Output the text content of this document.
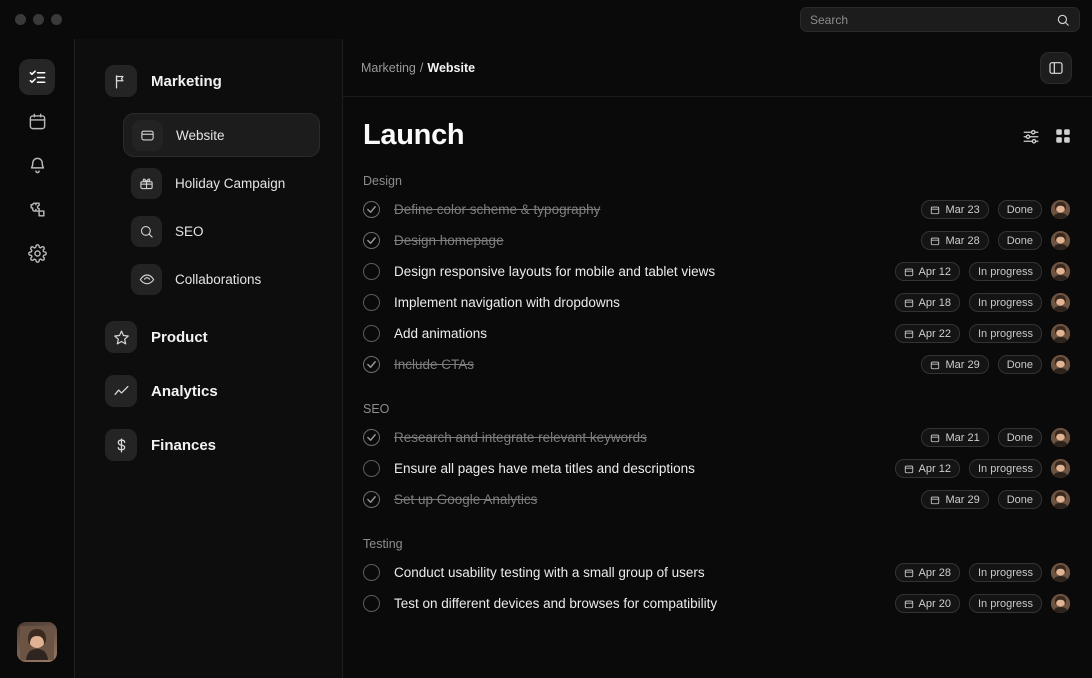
Search
Marketing
Website
Holiday Campaign
SEO
Collaborations
Product
Analytics
Finances
Marketing / Website
Launch
Design
Define color scheme & typography	Mar 23	Done
Design homepage	Mar 28	Done
Design responsive layouts for mobile and tablet views	Apr 12	In progress
Implement navigation with dropdowns	Apr 18	In progress
Add animations	Apr 22	In progress
Include CTAs	Mar 29	Done
SEO
Research and integrate relevant keywords	Mar 21	Done
Ensure all pages have meta titles and descriptions	Apr 12	In progress
Set up Google Analytics	Mar 29	Done
Testing
Conduct usability testing with a small group of users	Apr 28	In progress
Test on different devices and browses for compatibility	Apr 20	In progress
